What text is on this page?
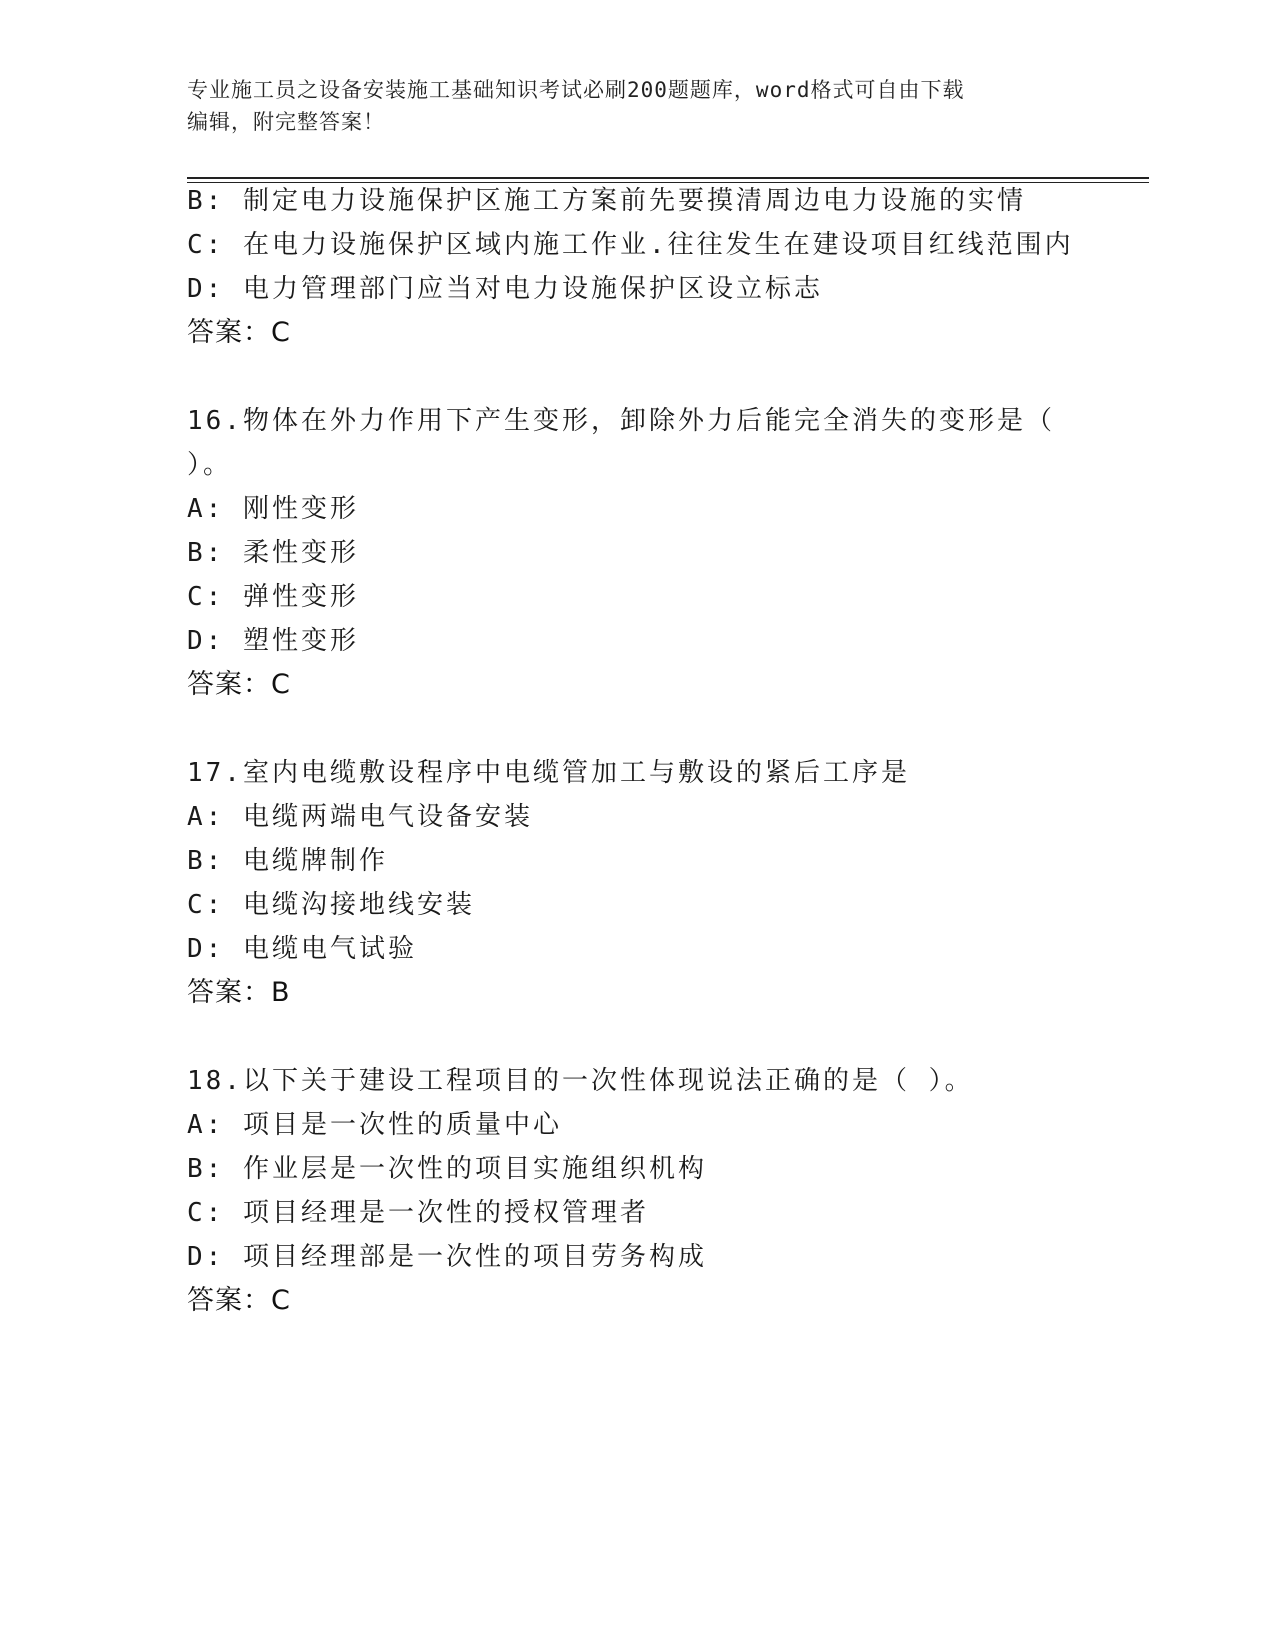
专业施工员之设备安装施工基础知识考试必刷200题题库，word格式可自由下载
编辑，附完整答案！
B: 制定电力设施保护区施工方案前先要摸清周边电力设施的实情
C: 在电力设施保护区域内施工作业.往往发生在建设项目红线范围内
D: 电力管理部门应当对电力设施保护区设立标志
答案：C
16.物体在外力作用下产生变形，卸除外力后能完全消失的变形是（
）。
A: 刚性变形
B: 柔性变形
C: 弹性变形
D: 塑性变形
答案：C
17.室内电缆敷设程序中电缆管加工与敷设的紧后工序是
A: 电缆两端电气设备安装
B: 电缆牌制作
C: 电缆沟接地线安装
D: 电缆电气试验
答案：B
18.以下关于建设工程项目的一次性体现说法正确的是（ ）。
A: 项目是一次性的质量中心
B: 作业层是一次性的项目实施组织机构
C: 项目经理是一次性的授权管理者
D: 项目经理部是一次性的项目劳务构成
答案：C
